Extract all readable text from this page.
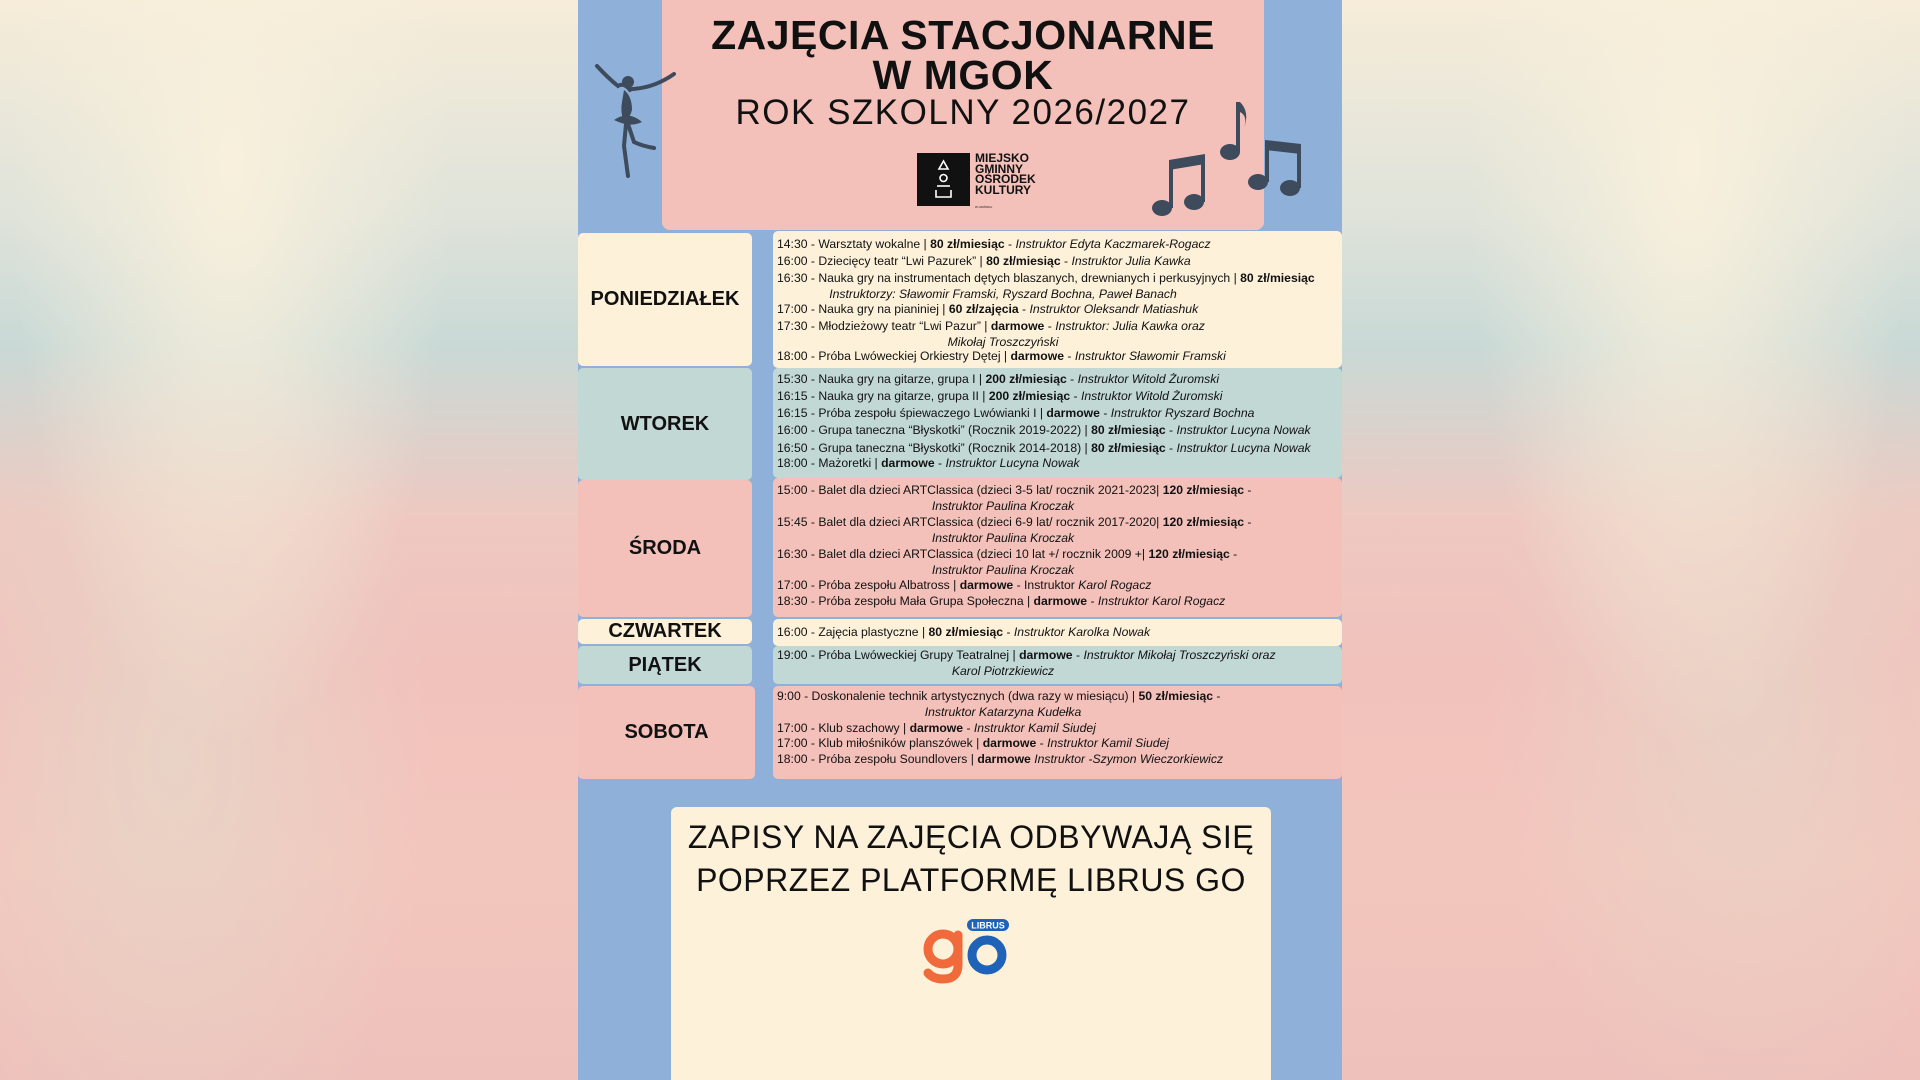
ZAJĘCIA STACJONARNE
W MGOK
ROK SZKOLNY 2026/2027
MIEJSKO
GMINNY
OŚRODEK
KULTURY
W LWÓWKU
PONIEDZIAŁEK
14:30 - Warsztaty wokalne | 80 zł/miesiąc - Instruktor Edyta Kaczmarek-Rogacz
16:00 - Dziecięcy teatr “Lwi Pazurek” | 80 zł/miesiąc - Instruktor Julia Kawka
16:30 - Nauka gry na instrumentach dętych blaszanych, drewnianych i perkusyjnych | 80 zł/miesiąc
Instruktorzy: Sławomir Framski, Ryszard Bochna, Paweł Banach
17:00 - Nauka gry na pianiniej | 60 zł/zajęcia - Instruktor Oleksandr Matiashuk
17:30 - Młodzieżowy teatr “Lwi Pazur” | darmowe - Instruktor: Julia Kawka oraz
Mikołaj Troszczyński
18:00 - Próba Lwóweckiej Orkiestry Dętej | darmowe - Instruktor Sławomir Framski
WTOREK
15:30 - Nauka gry na gitarze, grupa I | 200 zł/miesiąc - Instruktor Witold Żuromski
16:15 - Nauka gry na gitarze, grupa II | 200 zł/miesiąc - Instruktor Witold Żuromski
16:15 - Próba zespołu śpiewaczego Lwówianki I | darmowe - Instruktor Ryszard Bochna
16:00 - Grupa taneczna “Błyskotki” (Rocznik 2019-2022) | 80 zł/miesiąc - Instruktor Lucyna Nowak
16:50 - Grupa taneczna “Błyskotki” (Rocznik 2014-2018) | 80 zł/miesiąc - Instruktor Lucyna Nowak
18:00 - Mażoretki | darmowe - Instruktor Lucyna Nowak
ŚRODA
15:00 - Balet dla dzieci ARTClassica (dzieci 3-5 lat/ rocznik 2021-2023| 120 zł/miesiąc -
Instruktor Paulina Kroczak
15:45 - Balet dla dzieci ARTClassica (dzieci 6-9 lat/ rocznik 2017-2020| 120 zł/miesiąc -
Instruktor Paulina Kroczak
16:30 - Balet dla dzieci ARTClassica (dzieci 10 lat +/ rocznik 2009 +| 120 zł/miesiąc -
Instruktor Paulina Kroczak
17:00 - Próba zespołu Albatross | darmowe - Instruktor Karol Rogacz
18:30 - Próba zespołu Mała Grupa Społeczna | darmowe - Instruktor Karol Rogacz
CZWARTEK	16:00 - Zajęcia plastyczne | 80 zł/miesiąc - Instruktor Karolka Nowak
PIĄTEK	19:00 - Próba Lwóweckiej Grupy Teatralnej | darmowe - Instruktor Mikołaj Troszczyński oraz
Karol Piotrzkiewicz
SOBOTA
9:00 - Doskonalenie technik artystycznych (dwa razy w miesiącu) | 50 zł/miesiąc -
Instruktor Katarzyna Kudełka
17:00 - Klub szachowy | darmowe - Instruktor Kamil Siudej
17:00 - Klub miłośników planszówek | darmowe - Instruktor Kamil Siudej
18:00 - Próba zespołu Soundlovers | darmowe Instruktor -Szymon Wieczorkiewicz
ZAPISY NA ZAJĘCIA ODBYWAJĄ SIĘ
POPRZEZ PLATFORMĘ LIBRUS GO
LIBRUS
